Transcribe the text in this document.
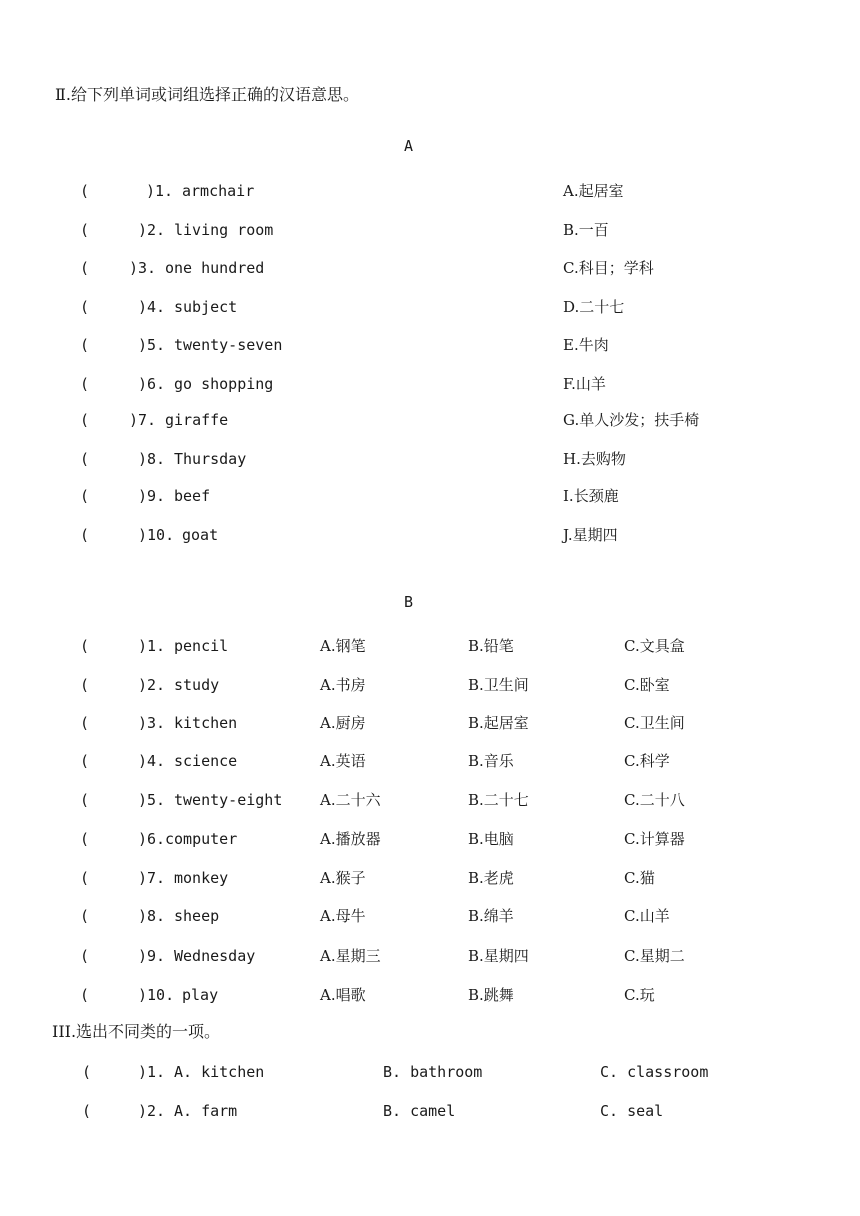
Ⅱ.给下列单词或词组选择正确的汉语意思。
A
(	)1. armchair	A.起居室
(	)2. living room	B.一百
(	)3. one hundred	C.科目；学科
(	)4. subject	D.二十七
(	)5. twenty-seven	E.牛肉
(	)6. go shopping	F.山羊
(	)7. giraffe	G.单人沙发；扶手椅
(	)8. Thursday	H.去购物
(	)9. beef	I.长颈鹿
(	)10. goat	J.星期四
B
(	)1. pencil	A.钢笔	B.铅笔	C.文具盒
(	)2. study	A.书房	B.卫生间	C.卧室
(	)3. kitchen	A.厨房	B.起居室	C.卫生间
(	)4. science	A.英语	B.音乐	C.科学
(	)5. twenty-eight	A.二十六	B.二十七	C.二十八
(	)6. computer	A.播放器	B.电脑	C.计算器
(	)7. monkey	A.猴子	B.老虎	C.猫
(	)8. sheep	A.母牛	B.绵羊	C.山羊
(	)9. Wednesday	A.星期三	B.星期四	C.星期二
(	)10. play	A.唱歌	B.跳舞	C.玩
III.选出不同类的一项。
(	)1. A. kitchen	B. bathroom	C. classroom
(	)2. A. farm	B. camel	C. seal
